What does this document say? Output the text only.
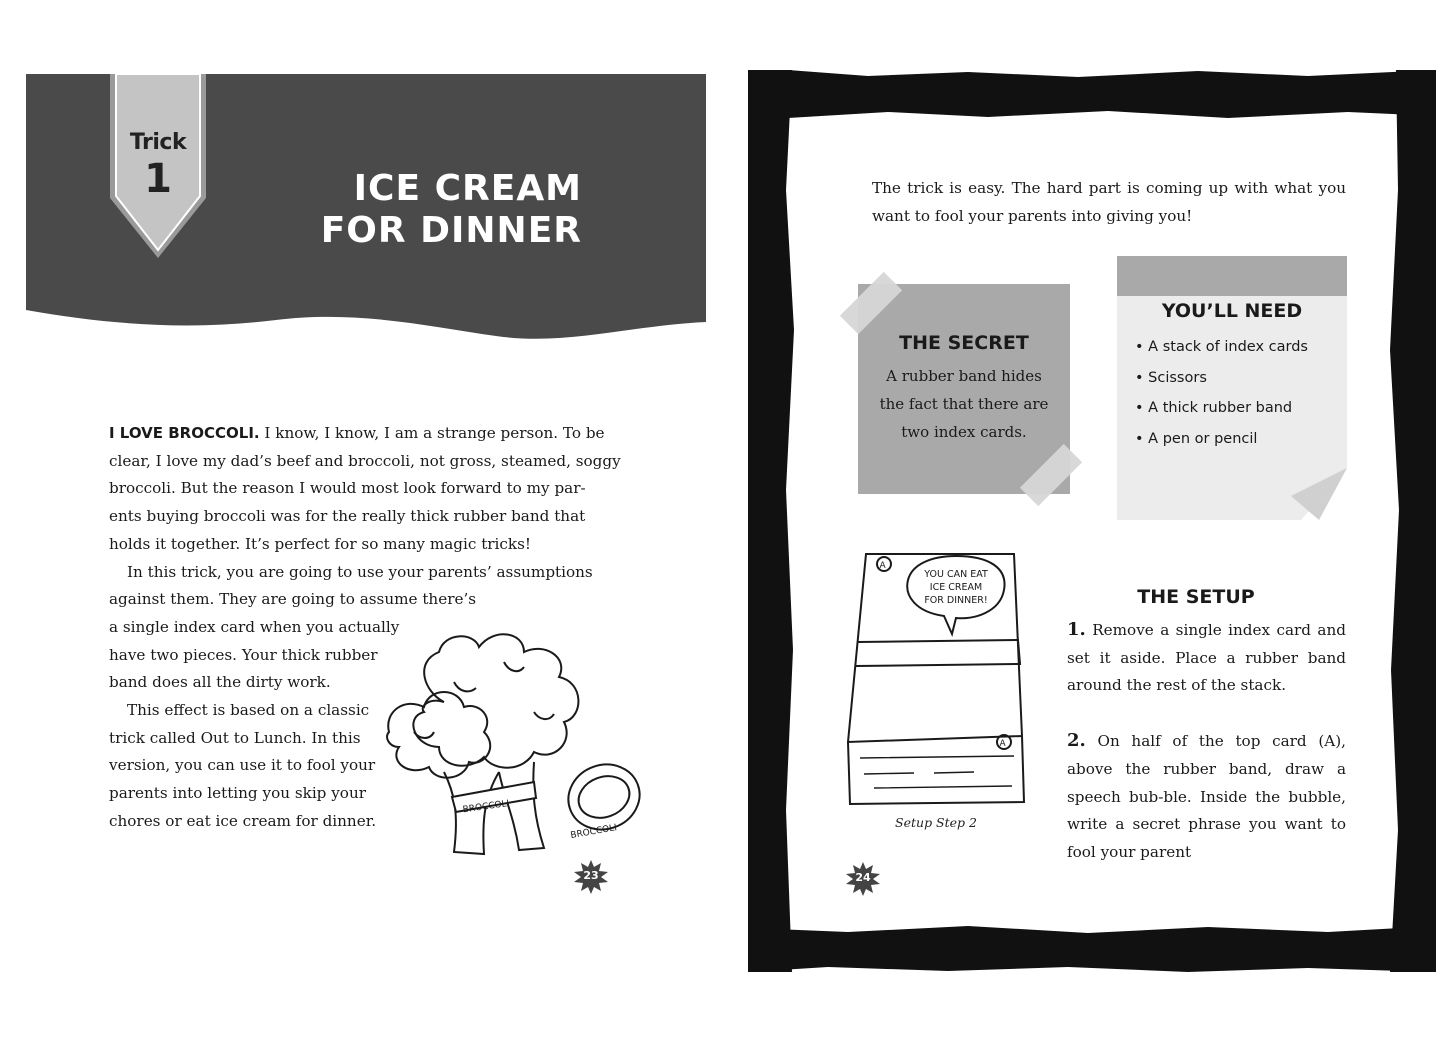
Trick
1	ICE CREAM
FOR DINNER

I LOVE BROCCOLI. I know, I know, I am a strange person. To be
clear, I love my dad’s beef and broccoli, not gross, steamed, soggy
broccoli. But the reason I would most look forward to my par-
ents buying broccoli was for the really thick rubber band that
holds it together. It’s perfect for so many magic tricks!

In this trick, you are going to use your parents’ assumptions
against them. They are going to assume there’s
a single index card when you actually
have two pieces. Your thick rubber
band does all the dirty work.

This effect is based on a classic
trick called Out to Lunch. In this
version, you can use it to fool your
parents into letting you skip your
chores or eat ice cream for dinner.

BROCCOLI
BROCCOLI
23

The trick is easy. The hard part is coming up with what you want to fool your parents into giving you!

THE SECRET
A rubber band hides the fact that there are two index cards.
YOU’LL NEED
• A stack of index cards
• Scissors
• A thick rubber band
• A pen or pencil
A
A
YOU CAN EAT
ICE CREAM
FOR DINNER!
Setup Step 2
THE SETUP

1. Remove a single index card and set it aside. Place a rubber band around the rest of the stack.

2. On half of the top card (A), above the rubber band, draw a speech bub-ble. Inside the bubble, write a secret phrase you want to fool your parent

24
